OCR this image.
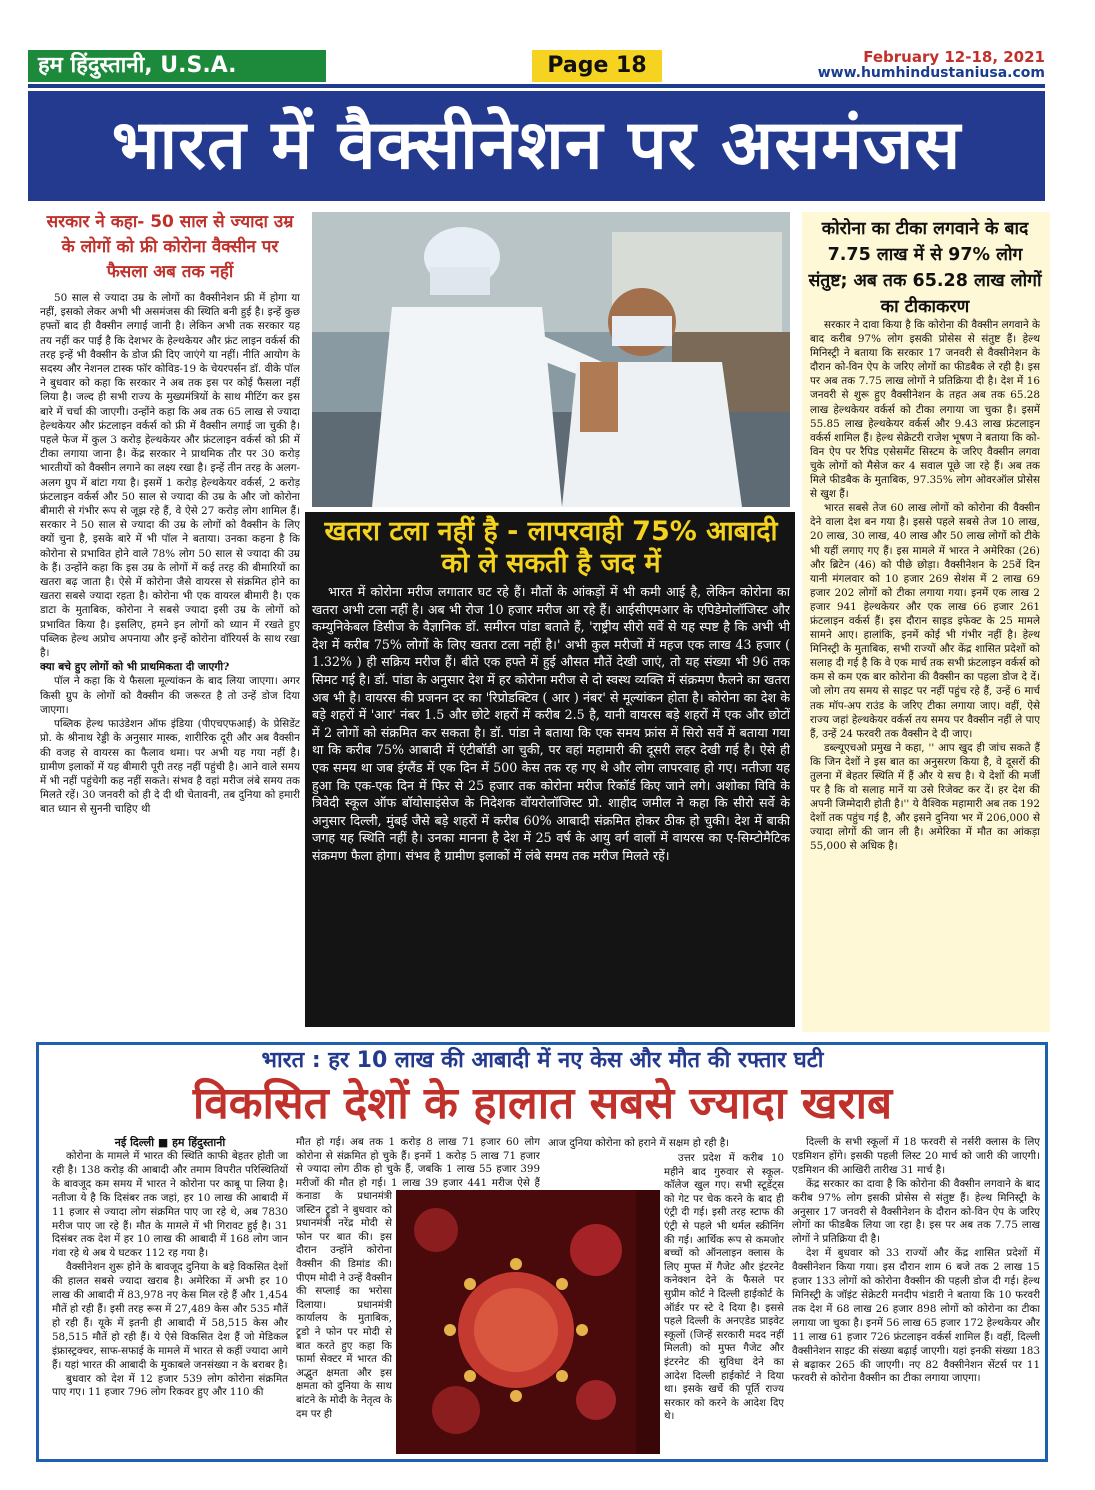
हम हिंदुस्तानी, U.S.A.	Page 18	February 12-18, 2021
www.humhindustaniusa.com
भारत में वैक्सीनेशन पर असमंजस
सरकार ने कहा- 50 साल से ज्यादा उम्र के लोगों को फ्री कोरोना वैक्सीन पर फैसला अब तक नहीं

50 साल से ज्यादा उम्र के लोगों का वैक्सीनेशन फ्री में होगा या नहीं, इसको लेकर अभी भी असमंजस की स्थिति बनी हुई है। इन्हें कुछ हफ्तों बाद ही वैक्सीन लगाई जानी है। लेकिन अभी तक सरकार यह तय नहीं कर पाई है कि देशभर के हेल्थकेयर और फ्रंट लाइन वर्कर्स की तरह इन्हें भी वैक्सीन के डोज फ्री दिए जाएंगे या नहीं। नीति आयोग के सदस्य और नेशनल टास्क फॉर कोविड-19 के चेयरपर्सन डॉ. वीके पॉल ने बुधवार को कहा कि सरकार ने अब तक इस पर कोई फैसला नहीं लिया है। जल्द ही सभी राज्य के मुख्यमंत्रियों के साथ मीटिंग कर इस बारे में चर्चा की जाएगी। उन्होंने कहा कि अब तक 65 लाख से ज्यादा हेल्थकेयर और फ्रंटलाइन वर्कर्स को फ्री में वैक्सीन लगाई जा चुकी है। पहले फेज में कुल 3 करोड़ हेल्थकेयर और फ्रंटलाइन वर्कर्स को फ्री में टीका लगाया जाना है। केंद्र सरकार ने प्राथमिक तौर पर 30 करोड़ भारतीयों को वैक्सीन लगाने का लक्ष्य रखा है। इन्हें तीन तरह के अलग-अलग ग्रुप में बांटा गया है। इसमें 1 करोड़ हेल्थकेयर वर्कर्स, 2 करोड़ फ्रंटलाइन वर्कर्स और 50 साल से ज्यादा की उम्र के और जो कोरोना बीमारी से गंभीर रूप से जूझ रहे हैं, वे ऐसे 27 करोड़ लोग शामिल हैं। सरकार ने 50 साल से ज्यादा की उम्र के लोगों को वैक्सीन के लिए क्यों चुना है, इसके बारे में भी पॉल ने बताया। उनका कहना है कि कोरोना से प्रभावित होने वाले 78% लोग 50 साल से ज्यादा की उम्र के हैं। उन्होंने कहा कि इस उम्र के लोगों में कई तरह की बीमारियों का खतरा बढ़ जाता है। ऐसे में कोरोना जैसे वायरस से संक्रमित होने का खतरा सबसे ज्यादा रहता है। कोरोना भी एक वायरल बीमारी है। एक डाटा के मुताबिक, कोरोना ने सबसे ज्यादा इसी उम्र के लोगों को प्रभावित किया है। इसलिए, हमने इन लोगों को ध्यान में रखते हुए पब्लिक हेल्थ अप्रोच अपनाया और इन्हें कोरोना वॉरियर्स के साथ रखा है।

क्या बचे हुए लोगों को भी प्राथमिकता दी जाएगी?

पॉल ने कहा कि ये फैसला मूल्यांकन के बाद लिया जाएगा। अगर किसी ग्रुप के लोगों को वैक्सीन की जरूरत है तो उन्हें डोज दिया जाएगा।

पब्लिक हेल्थ फाउंडेशन ऑफ इंडिया (पीएचएफआई) के प्रेसिडेंट प्रो. के श्रीनाथ रेड्डी के अनुसार मास्क, शारीरिक दूरी और अब वैक्सीन की वजह से वायरस का फैलाव थमा। पर अभी यह गया नहीं है। ग्रामीण इलाकों में यह बीमारी पूरी तरह नहीं पहुंची है। आने वाले समय में भी नहीं पहुंचेगी कह नहीं सकते। संभव है वहां मरीज लंबे समय तक मिलते रहें। 30 जनवरी को ही दे दी थी चेतावनी, तब दुनिया को हमारी बात ध्यान से सुननी चाहिए थी

खतरा टला नहीं है - लापरवाही 75% आबादी को ले सकती है जद में

भारत में कोरोना मरीज लगातार घट रहे हैं। मौतों के आंकड़ों में भी कमी आई है, लेकिन कोरोना का खतरा अभी टला नहीं है। अब भी रोज 10 हजार मरीज आ रहे हैं। आईसीएमआर के एपिडेमोलॉजिस्ट और कम्युनिकेबल डिसीज के वैज्ञानिक डॉ. समीरन पांडा बताते हैं, 'राष्ट्रीय सीरो सर्वे से यह स्पष्ट है कि अभी भी देश में करीब 75% लोगों के लिए खतरा टला नहीं है।' अभी कुल मरीजों में महज एक लाख 43 हजार ( 1.32% ) ही सक्रिय मरीज हैं। बीते एक हफ्ते में हुई औसत मौतें देखी जाएं, तो यह संख्या भी 96 तक सिमट गई है। डॉ. पांडा के अनुसार देश में हर कोरोना मरीज से दो स्वस्थ व्यक्ति में संक्रमण फैलने का खतरा अब भी है। वायरस की प्रजनन दर का 'रिप्रोडक्टिव ( आर ) नंबर' से मूल्यांकन होता है। कोरोना का देश के बड़े शहरों में 'आर' नंबर 1.5 और छोटे शहरों में करीब 2.5 है, यानी वायरस बड़े शहरों में एक और छोटों में 2 लोगों को संक्रमित कर सकता है। डॉ. पांडा ने बताया कि एक समय फ्रांस में सिरो सर्वे में बताया गया था कि करीब 75% आबादी में एंटीबॉडी आ चुकी, पर वहां महामारी की दूसरी लहर देखी गई है। ऐसे ही एक समय था जब इंग्लैंड में एक दिन में 500 केस तक रह गए थे और लोग लापरवाह हो गए। नतीजा यह हुआ कि एक-एक दिन में फिर से 25 हजार तक कोरोना मरीज रिकॉर्ड किए जाने लगे। अशोका विवि के त्रिवेदी स्कूल ऑफ बॉयोसाइंसेज के निदेशक वॉयरोलॉजिस्ट प्रो. शाहीद जमील ने कहा कि सीरो सर्वे के अनुसार दिल्ली, मुंबई जैसे बड़े शहरों में करीब 60% आबादी संक्रमित होकर ठीक हो चुकी। देश में बाकी जगह यह स्थिति नहीं है। उनका मानना है देश में 25 वर्ष के आयु वर्ग वालों में वायरस का ए-सिम्टोमैटिक संक्रमण फैला होगा। संभव है ग्रामीण इलाकों में लंबे समय तक मरीज मिलते रहें।

कोरोना का टीका लगवाने के बाद 7.75 लाख में से 97% लोग संतुष्ट; अब तक 65.28 लाख लोगों का टीकाकरण

सरकार ने दावा किया है कि कोरोना की वैक्सीन लगवाने के बाद करीब 97% लोग इसकी प्रोसेस से संतुष्ट हैं। हेल्थ मिनिस्ट्री ने बताया कि सरकार 17 जनवरी से वैक्सीनेशन के दौरान को-विन ऐप के जरिए लोगों का फीडबैक ले रही है। इस पर अब तक 7.75 लाख लोगों ने प्रतिक्रिया दी है। देश में 16 जनवरी से शुरू हुए वैक्सीनेशन के तहत अब तक 65.28 लाख हेल्थकेयर वर्कर्स को टीका लगाया जा चुका है। इसमें 55.85 लाख हेल्थकेयर वर्कर्स और 9.43 लाख फ्रंटलाइन वर्कर्स शामिल हैं। हेल्थ सेक्रेटरी राजेश भूषण ने बताया कि को-विन ऐप पर रैपिड एसेसमेंट सिस्टम के जरिए वैक्सीन लगवा चुके लोगों को मैसेज कर 4 सवाल पूछे जा रहे हैं। अब तक मिले फीडबैक के मुताबिक, 97.35% लोग ओवरऑल प्रोसेस से खुश हैं।

भारत सबसे तेज 60 लाख लोगों को कोरोना की वैक्सीन देने वाला देश बन गया है। इससे पहले सबसे तेज 10 लाख, 20 लाख, 30 लाख, 40 लाख और 50 लाख लोगों को टीके भी यहीं लगाए गए हैं। इस मामले में भारत ने अमेरिका (26) और ब्रिटेन (46) को पीछे छोड़ा। वैक्सीनेशन के 25वें दिन यानी मंगलवार को 10 हजार 269 सेशंस में 2 लाख 69 हजार 202 लोगों को टीका लगाया गया। इनमें एक लाख 2 हजार 941 हेल्थकेयर और एक लाख 66 हजार 261 फ्रंटलाइन वर्कर्स हैं। इस दौरान साइड इफेक्ट के 25 मामले सामने आए। हालांकि, इनमें कोई भी गंभीर नहीं है। हेल्थ मिनिस्ट्री के मुताबिक, सभी राज्यों और केंद्र शासित प्रदेशों को सलाह दी गई है कि वे एक मार्च तक सभी फ्रंटलाइन वर्कर्स को कम से कम एक बार कोरोना की वैक्सीन का पहला डोज दे दें। जो लोग तय समय से साइट पर नहीं पहुंच रहे हैं, उन्हें 6 मार्च तक मॉप-अप राउंड के जरिए टीका लगाया जाए। वहीं, ऐसे राज्य जहां हेल्थकेयर वर्कर्स तय समय पर वैक्सीन नहीं ले पाए हैं, उन्हें 24 फरवरी तक वैक्सीन दे दी जाए।

डब्ल्यूएचओ प्रमुख ने कहा, '' आप खुद ही जांच सकते हैं कि जिन देशों ने इस बात का अनुसरण किया है, वे दूसरों की तुलना में बेहतर स्थिति में हैं और ये सच है। ये देशों की मर्जी पर है कि वो सलाह मानें या उसे रिजेक्ट कर दें। हर देश की अपनी जिम्मेदारी होती है।'' ये वैश्विक महामारी अब तक 192 देशों तक पहुंच गई है, और इसने दुनिया भर में 206,000 से ज्यादा लोगों की जान ली है। अमेरिका में मौत का आंकड़ा 55,000 से अधिक है।

भारत : हर 10 लाख की आबादी में नए केस और मौत की रफ्तार घटी
विकसित देशों के हालात सबसे ज्यादा खराब

नई दिल्ली ■ हम हिंदुस्तानी

कोरोना के मामले में भारत की स्थिति काफी बेहतर होती जा रही है। 138 करोड़ की आबादी और तमाम विपरीत परिस्थितियों के बावजूद कम समय में भारत ने कोरोना पर काबू पा लिया है। नतीजा ये है कि दिसंबर तक जहां, हर 10 लाख की आबादी में 11 हजार से ज्यादा लोग संक्रमित पाए जा रहे थे, अब 7830 मरीज पाए जा रहे हैं। मौत के मामले में भी गिरावट हुई है। 31 दिसंबर तक देश में हर 10 लाख की आबादी में 168 लोग जान गंवा रहे थे अब ये घटकर 112 रह गया है।

वैक्सीनेशन शुरू होने के बावजूद दुनिया के बड़े विकसित देशों की हालत सबसे ज्यादा खराब है। अमेरिका में अभी हर 10 लाख की आबादी में 83,978 नए केस मिल रहे हैं और 1,454 मौतें हो रही हैं। इसी तरह रूस में 27,489 केस और 535 मौतें हो रही हैं। यूके में इतनी ही आबादी में 58,515 केस और 58,515 मौतें हो रही हैं। ये ऐसे विकसित देश हैं जो मेडिकल इंफ्रास्ट्रक्चर, साफ-सफाई के मामले में भारत से कहीं ज्यादा आगे हैं। यहां भारत की आबादी के मुकाबले जनसंख्या न के बराबर है।

बुधवार को देश में 12 हजार 539 लोग कोरोना संक्रमित पाए गए। 11 हजार 796 लोग रिकवर हुए और 110 की

मौत हो गई। अब तक 1 करोड़ 8 लाख 71 हजार 60 लोग कोरोना से संक्रमित हो चुके हैं। इनमें 1 करोड़ 5 लाख 71 हजार से ज्यादा लोग ठीक हो चुके हैं, जबकि 1 लाख 55 हजार 399 मरीजों की मौत हो गई। 1 लाख 39 हजार 441 मरीज ऐसे हैं

कनाडा के प्रधानमंत्री जस्टिन ट्रूडो ने बुधवार को प्रधानमंत्री नरेंद्र मोदी से फोन पर बात की। इस दौरान उन्होंने कोरोना वैक्सीन की डिमांड की। पीएम मोदी ने उन्हें वैक्सीन की सप्लाई का भरोसा दिलाया। प्रधानमंत्री कार्यालय के मुताबिक, ट्रूडो ने फोन पर मोदी से बात करते हुए कहा कि फार्मा सेक्टर में भारत की अद्भुत क्षमता और इस क्षमता को दुनिया के साथ बांटने के मोदी के नेतृत्व के दम पर ही

आज दुनिया कोरोना को हराने में सक्षम हो रही है।

उत्तर प्रदेश में करीब 10 महीने बाद गुरुवार से स्कूल-कॉलेज खुल गए। सभी स्टूडेंट्स को गेट पर चेक करने के बाद ही एंट्री दी गई। इसी तरह स्टाफ की एंट्री से पहले भी थर्मल स्क्रीनिंग की गई। आर्थिक रूप से कमजोर बच्चों को ऑनलाइन क्लास के लिए मुफ्त में गैजेट और इंटरनेट कनेक्शन देने के फैसले पर सुप्रीम कोर्ट ने दिल्ली हाईकोर्ट के ऑर्डर पर स्टे दे दिया है। इससे पहले दिल्ली के अनएडेड प्राइवेट स्कूलों (जिन्हें सरकारी मदद नहीं मिलती) को मुफ्त गैजेट और इंटरनेट की सुविधा देने का आदेश दिल्ली हाईकोर्ट ने दिया था। इसके खर्चे की पूर्ति राज्य सरकार को करने के आदेश दिए थे।

दिल्ली के सभी स्कूलों में 18 फरवरी से नर्सरी क्लास के लिए एडमिशन होंगे। इसकी पहली लिस्ट 20 मार्च को जारी की जाएगी। एडमिशन की आखिरी तारीख 31 मार्च है।

केंद्र सरकार का दावा है कि कोरोना की वैक्सीन लगवाने के बाद करीब 97% लोग इसकी प्रोसेस से संतुष्ट हैं। हेल्थ मिनिस्ट्री के अनुसार 17 जनवरी से वैक्सीनेशन के दौरान को-विन ऐप के जरिए लोगों का फीडबैक लिया जा रहा है। इस पर अब तक 7.75 लाख लोगों ने प्रतिक्रिया दी है।

देश में बुधवार को 33 राज्यों और केंद्र शासित प्रदेशों में वैक्सीनेशन किया गया। इस दौरान शाम 6 बजे तक 2 लाख 15 हजार 133 लोगों को कोरोना वैक्सीन की पहली डोज दी गई। हेल्थ मिनिस्ट्री के जॉइंट सेक्रेटरी मनदीप भंडारी ने बताया कि 10 फरवरी तक देश में 68 लाख 26 हजार 898 लोगों को कोरोना का टीका लगाया जा चुका है। इनमें 56 लाख 65 हजार 172 हेल्थकेयर और 11 लाख 61 हजार 726 फ्रंटलाइन वर्कर्स शामिल हैं। वहीं, दिल्ली वैक्सीनेशन साइट की संख्या बढ़ाई जाएगी। यहां इनकी संख्या 183 से बढ़ाकर 265 की जाएगी। नए 82 वैक्सीनेशन सेंटर्स पर 11 फरवरी से कोरोना वैक्सीन का टीका लगाया जाएगा।
